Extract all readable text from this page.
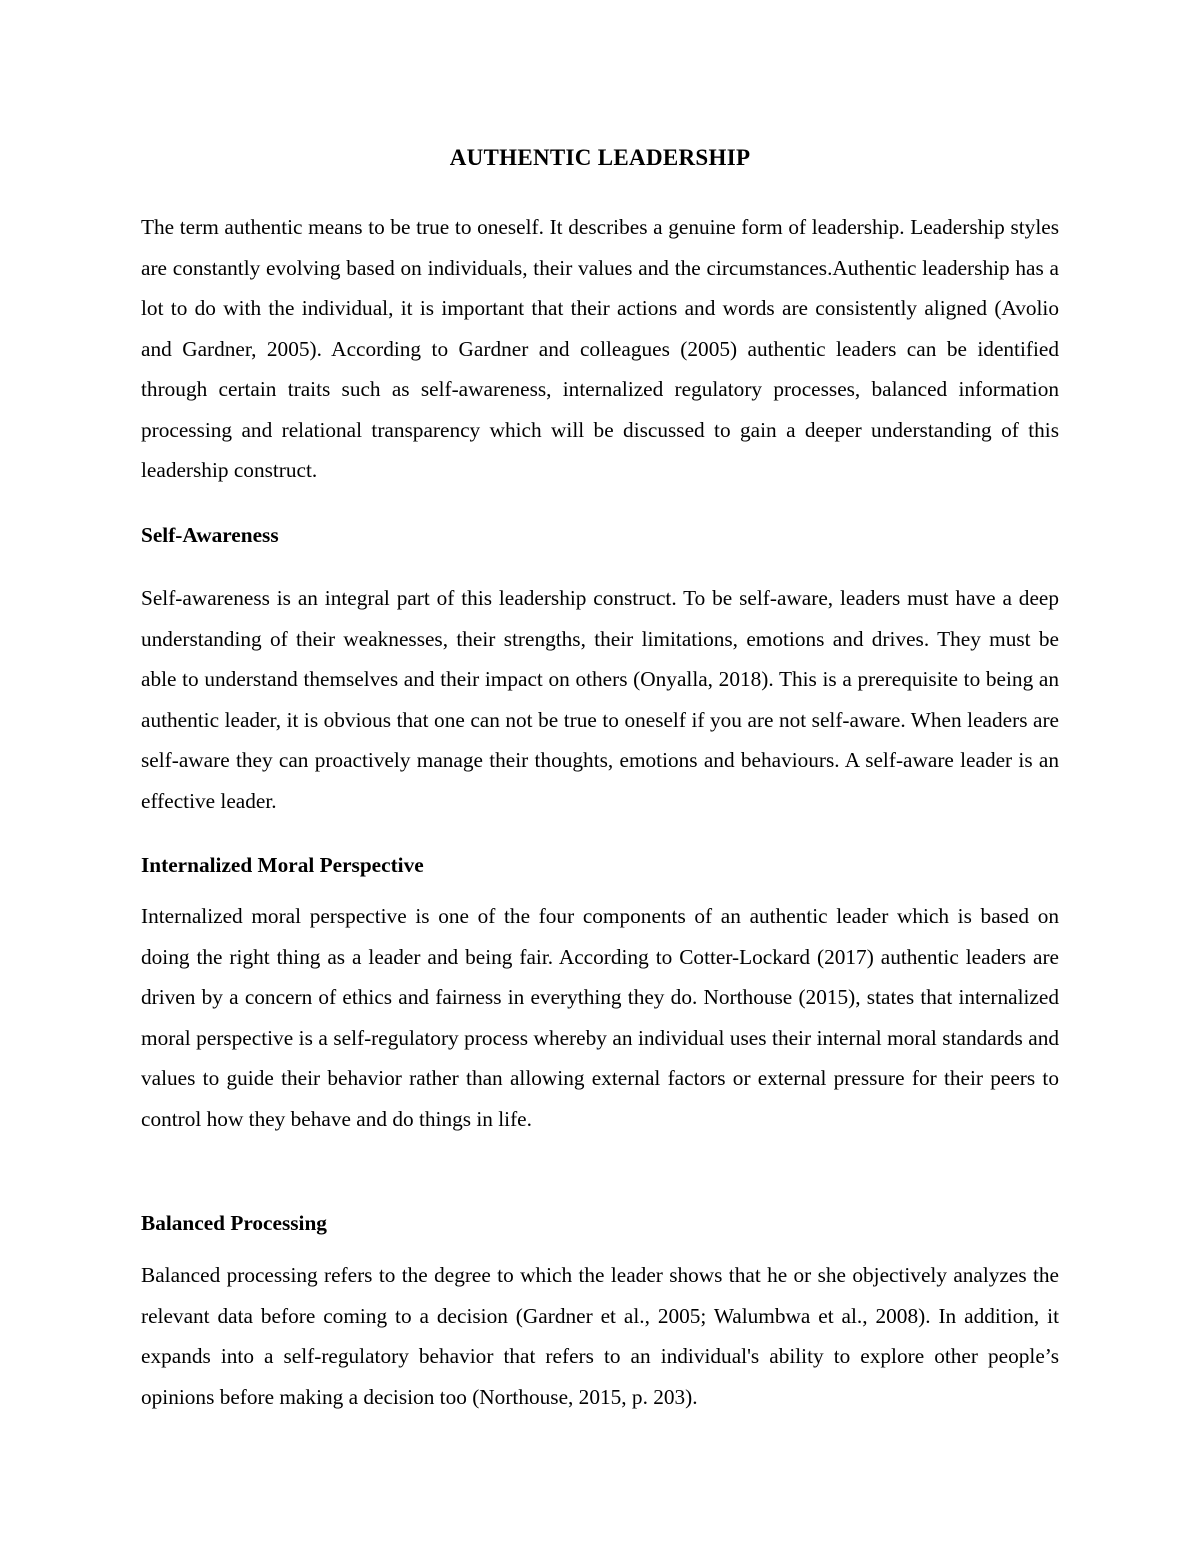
AUTHENTIC LEADERSHIP

The term authentic means to be true to oneself. It describes a genuine form of leadership. Leadership styles are constantly evolving based on individuals, their values and the circumstances.Authentic leadership has a lot to do with the individual, it is important that their actions and words are consistently aligned (Avolio and Gardner, 2005). According to Gardner and colleagues (2005) authentic leaders can be identified through certain traits such as self-awareness, internalized regulatory processes, balanced information processing and relational transparency which will be discussed to gain a deeper understanding of this leadership construct.

Self-Awareness

Self-awareness is an integral part of this leadership construct. To be self-aware, leaders must have a deep understanding of their weaknesses, their strengths, their limitations, emotions and drives. They must be able to understand themselves and their impact on others (Onyalla, 2018). This is a prerequisite to being an authentic leader, it is obvious that one can not be true to oneself if you are not self-aware. When leaders are self-aware they can proactively manage their thoughts, emotions and behaviours. A self-aware leader is an effective leader.

Internalized Moral Perspective

Internalized moral perspective is one of the four components of an authentic leader which is based on doing the right thing as a leader and being fair. According to Cotter-Lockard (2017) authentic leaders are driven by a concern of ethics and fairness in everything they do. Northouse (2015), states that internalized moral perspective is a self-regulatory process whereby an individual uses their internal moral standards and values to guide their behavior rather than allowing external factors or external pressure for their peers to control how they behave and do things in life.

Balanced Processing

Balanced processing refers to the degree to which the leader shows that he or she objectively analyzes the relevant data before coming to a decision (Gardner et al., 2005; Walumbwa et al., 2008). In addition, it expands into a self-regulatory behavior that refers to an individual's ability to explore other people’s opinions before making a decision too (Northouse, 2015, p. 203).
